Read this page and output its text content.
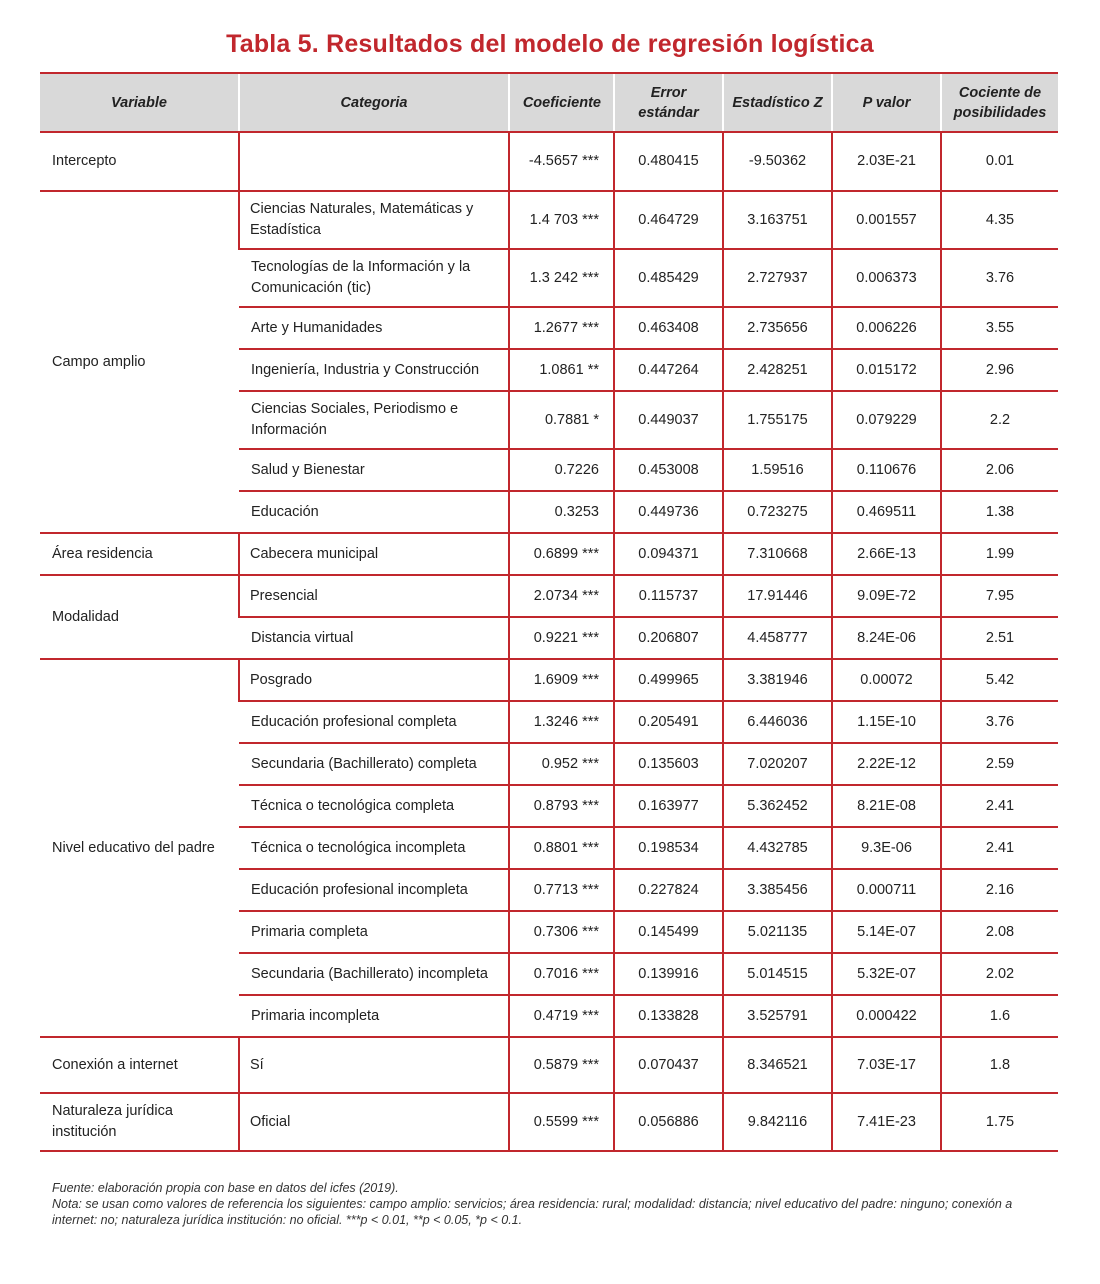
Tabla 5. Resultados del modelo de regresión logística
Variable	Categoria	Coeficiente	Error estándar	Estadístico Z	P valor	Cociente de posibilidades
Intercepto		-4.5657 ***	0.480415	-9.50362	2.03E-21	0.01
Campo amplio	Ciencias Naturales, Matemáticas y Estadística	1.4 703 ***	0.464729	3.163751	0.001557	4.35
	Tecnologías de la Información y la Comunicación (tic)	1.3 242 ***	0.485429	2.727937	0.006373	3.76
	Arte y Humanidades	1.2677 ***	0.463408	2.735656	0.006226	3.55
	Ingeniería, Industria y Construcción	1.0861 **	0.447264	2.428251	0.015172	2.96
	Ciencias Sociales, Periodismo e Información	0.7881 *	0.449037	1.755175	0.079229	2.2
	Salud y Bienestar	0.7226	0.453008	1.59516	0.110676	2.06
	Educación	0.3253	0.449736	0.723275	0.469511	1.38
Área residencia	Cabecera municipal	0.6899 ***	0.094371	7.310668	2.66E-13	1.99
Modalidad	Presencial	2.0734 ***	0.115737	17.91446	9.09E-72	7.95
	Distancia virtual	0.9221 ***	0.206807	4.458777	8.24E-06	2.51
Nivel educativo del padre	Posgrado	1.6909 ***	0.499965	3.381946	0.00072	5.42
	Educación profesional completa	1.3246 ***	0.205491	6.446036	1.15E-10	3.76
	Secundaria (Bachillerato) completa	0.952 ***	0.135603	7.020207	2.22E-12	2.59
	Técnica o tecnológica completa	0.8793 ***	0.163977	5.362452	8.21E-08	2.41
	Técnica o tecnológica incompleta	0.8801 ***	0.198534	4.432785	9.3E-06	2.41
	Educación profesional incompleta	0.7713 ***	0.227824	3.385456	0.000711	2.16
	Primaria completa	0.7306 ***	0.145499	5.021135	5.14E-07	2.08
	Secundaria (Bachillerato) incompleta	0.7016 ***	0.139916	5.014515	5.32E-07	2.02
	Primaria incompleta	0.4719 ***	0.133828	3.525791	0.000422	1.6
Conexión a internet	Sí	0.5879 ***	0.070437	8.346521	7.03E-17	1.8
Naturaleza jurídica institución	Oficial	0.5599 ***	0.056886	9.842116	7.41E-23	1.75
Fuente: elaboración propia con base en datos del icfes (2019).
Nota: se usan como valores de referencia los siguientes: campo amplio: servicios; área residencia: rural; modalidad: distancia; nivel educativo del padre: ninguno; conexión a internet: no; naturaleza jurídica institución: no oficial. ***p < 0.01, **p < 0.05, *p < 0.1.
